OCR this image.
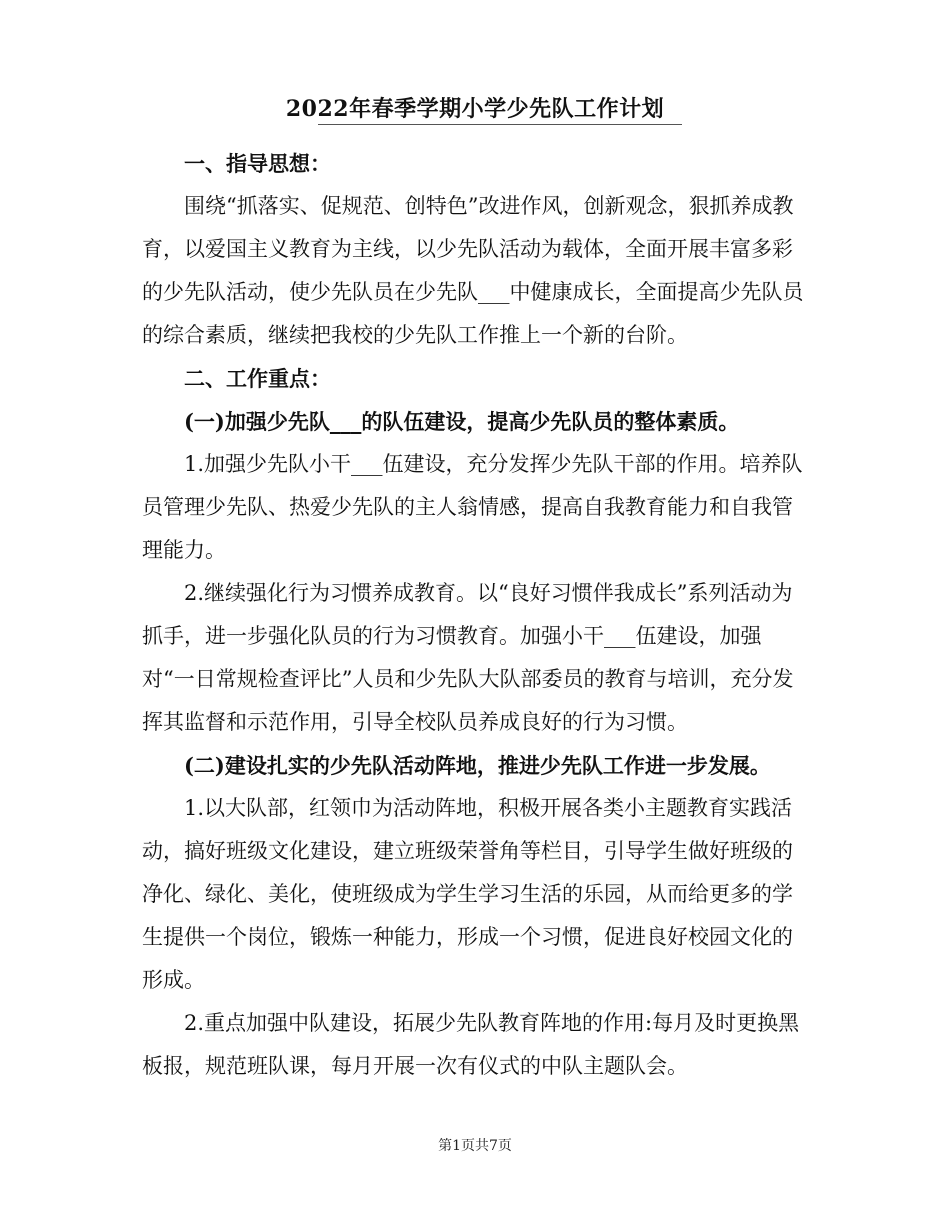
2022年春季学期小学少先队工作计划

一、指导思想：

围绕“抓落实、促规范、创特色”改进作风，创新观念，狠抓养成教育，以爱国主义教育为主线，以少先队活动为载体，全面开展丰富多彩的少先队活动，使少先队员在少先队___中健康成长，全面提高少先队员的综合素质，继续把我校的少先队工作推上一个新的台阶。

二、工作重点：

(一)加强少先队___的队伍建设，提高少先队员的整体素质。

1.加强少先队小干___伍建设，充分发挥少先队干部的作用。培养队员管理少先队、热爱少先队的主人翁情感，提高自我教育能力和自我管理能力。

2.继续强化行为习惯养成教育。以“良好习惯伴我成长”系列活动为抓手，进一步强化队员的行为习惯教育。加强小干___伍建设，加强对“一日常规检查评比”人员和少先队大队部委员的教育与培训，充分发挥其监督和示范作用，引导全校队员养成良好的行为习惯。

(二)建设扎实的少先队活动阵地，推进少先队工作进一步发展。

1.以大队部，红领巾为活动阵地，积极开展各类小主题教育实践活动，搞好班级文化建设，建立班级荣誉角等栏目，引导学生做好班级的净化、绿化、美化，使班级成为学生学习生活的乐园，从而给更多的学生提供一个岗位，锻炼一种能力，形成一个习惯，促进良好校园文化的形成。

2.重点加强中队建设，拓展少先队教育阵地的作用:每月及时更换黑板报，规范班队课，每月开展一次有仪式的中队主题队会。

第1页共7页
